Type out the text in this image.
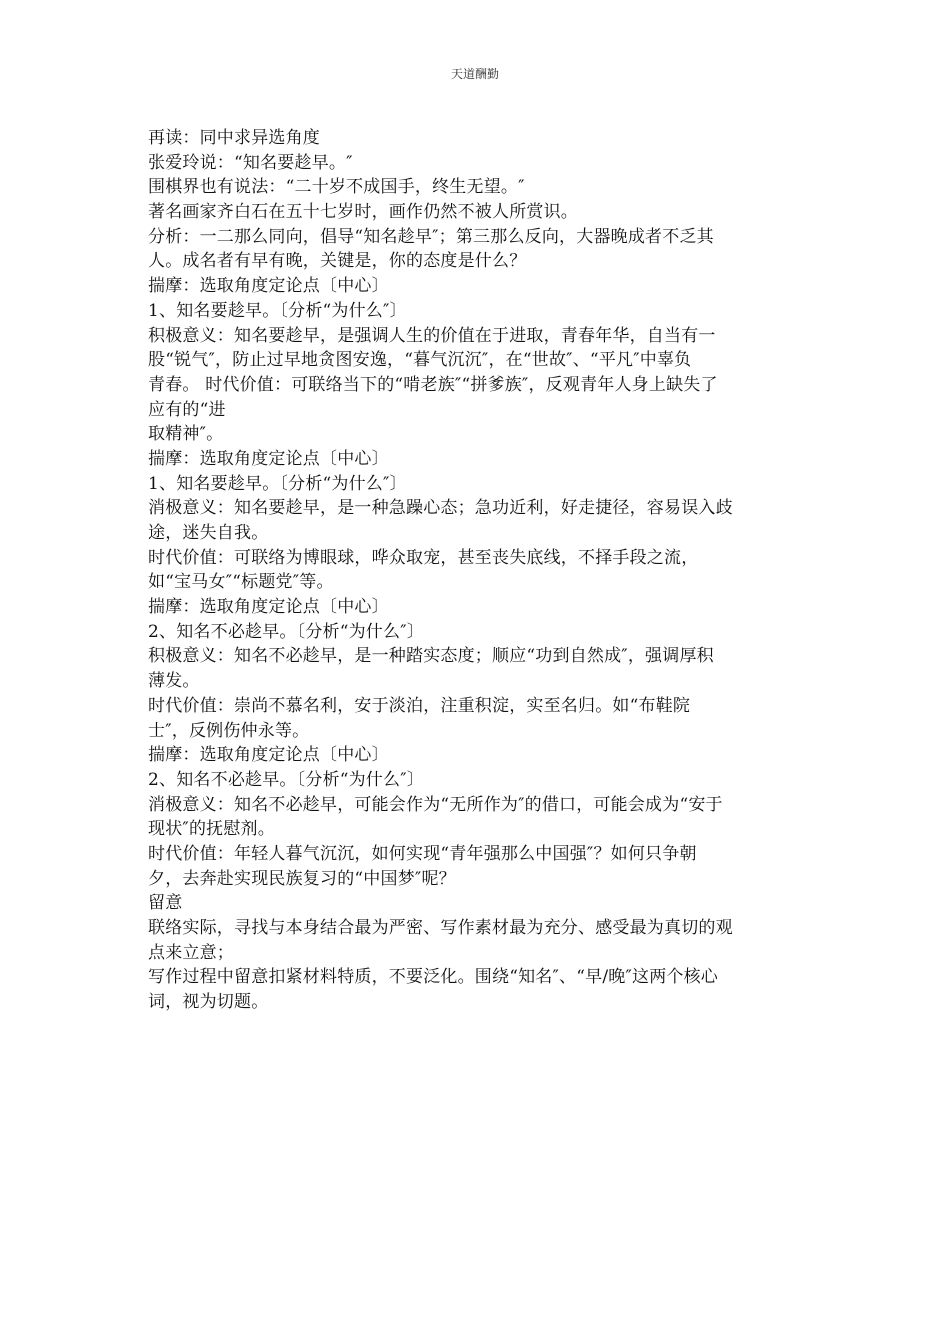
天道酬勤
再读：同中求异选角度
张爱玲说：“知名要趁早。″
围棋界也有说法：“二十岁不成国手，终生无望。″
著名画家齐白石在五十七岁时，画作仍然不被人所赏识。
分析：一二那么同向，倡导“知名趁早″；第三那么反向，大器晚成者不乏其
人。成名者有早有晚，关键是，你的态度是什么？
揣摩：选取角度定论点〔中心〕
1、知名要趁早。〔分析“为什么″〕
积极意义：知名要趁早，是强调人生的价值在于进取，青春年华，自当有一
股“锐气″，防止过早地贪图安逸，“暮气沉沉″，在“世故″、“平凡″中辜负
青春。 时代价值：可联络当下的“啃老族″“拼爹族″，反观青年人身上缺失了
应有的“进
取精神″。
揣摩：选取角度定论点〔中心〕
1、知名要趁早。〔分析“为什么″〕
消极意义：知名要趁早，是一种急躁心态；急功近利，好走捷径，容易误入歧
途，迷失自我。
时代价值：可联络为博眼球，哗众取宠，甚至丧失底线，不择手段之流，
如“宝马女″“标题党″等。
揣摩：选取角度定论点〔中心〕
2、知名不必趁早。〔分析“为什么″〕
积极意义：知名不必趁早，是一种踏实态度；顺应“功到自然成″，强调厚积
薄发。
时代价值：崇尚不慕名利，安于淡泊，注重积淀，实至名归。如“布鞋院
士″，反例伤仲永等。
揣摩：选取角度定论点〔中心〕
2、知名不必趁早。〔分析“为什么″〕
消极意义：知名不必趁早，可能会作为“无所作为″的借口，可能会成为“安于
现状″的抚慰剂。
时代价值：年轻人暮气沉沉，如何实现“青年强那么中国强″？如何只争朝
夕，去奔赴实现民族复习的“中国梦″呢？
留意
联络实际，寻找与本身结合最为严密、写作素材最为充分、感受最为真切的观
点来立意；
写作过程中留意扣紧材料特质，不要泛化。围绕“知名″、“早/晚″这两个核心
词，视为切题。
